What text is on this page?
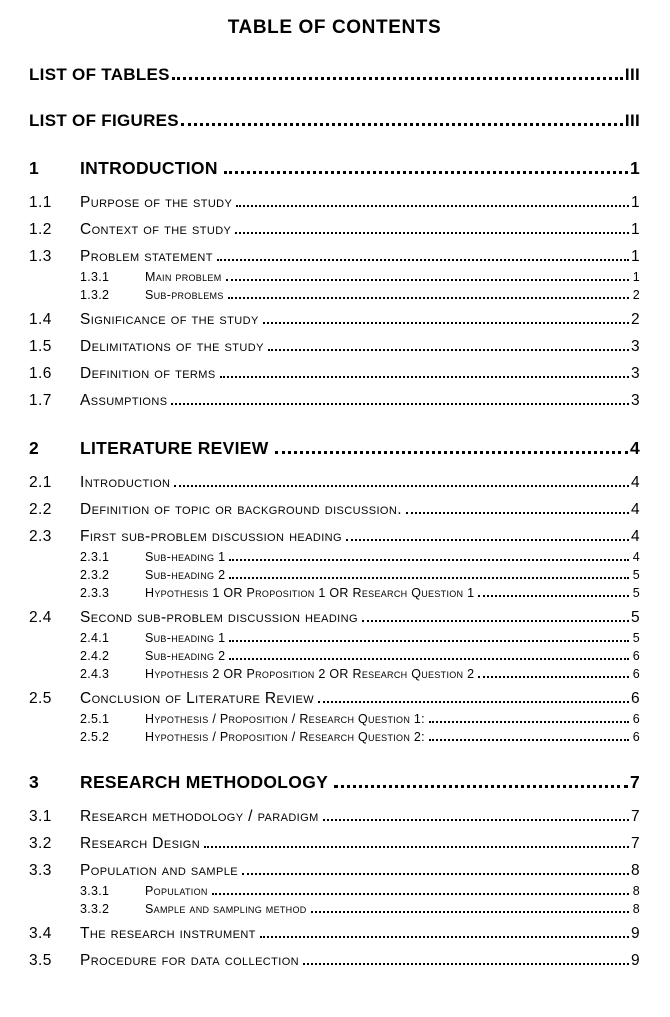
TABLE OF CONTENTS
LIST OF TABLES	III
LIST OF FIGURES	III
1	INTRODUCTION	1
1.1	Purpose of the study	1
1.2	Context of the study	1
1.3	Problem statement	1
1.3.1	Main problem	1
1.3.2	Sub-problems	2
1.4	Significance of the study	2
1.5	Delimitations of the study	3
1.6	Definition of terms	3
1.7	Assumptions	3
2	LITERATURE REVIEW	4
2.1	Introduction	4
2.2	Definition of topic or background discussion.	4
2.3	First sub-problem discussion heading	4
2.3.1	Sub-heading 1	4
2.3.2	Sub-heading 2	5
2.3.3	Hypothesis 1 OR Proposition 1 OR Research Question 1	5
2.4	Second sub-problem discussion heading	5
2.4.1	Sub-heading 1	5
2.4.2	Sub-heading 2	6
2.4.3	Hypothesis 2 OR Proposition 2 OR Research Question 2	6
2.5	Conclusion of Literature Review	6
2.5.1	Hypothesis / Proposition / Research Question 1:	6
2.5.2	Hypothesis / Proposition / Research Question 2:	6
3	RESEARCH METHODOLOGY	7
3.1	Research methodology / paradigm	7
3.2	Research Design	7
3.3	Population and sample	8
3.3.1	Population	8
3.3.2	Sample and sampling method	8
3.4	The research instrument	9
3.5	Procedure for data collection	9
